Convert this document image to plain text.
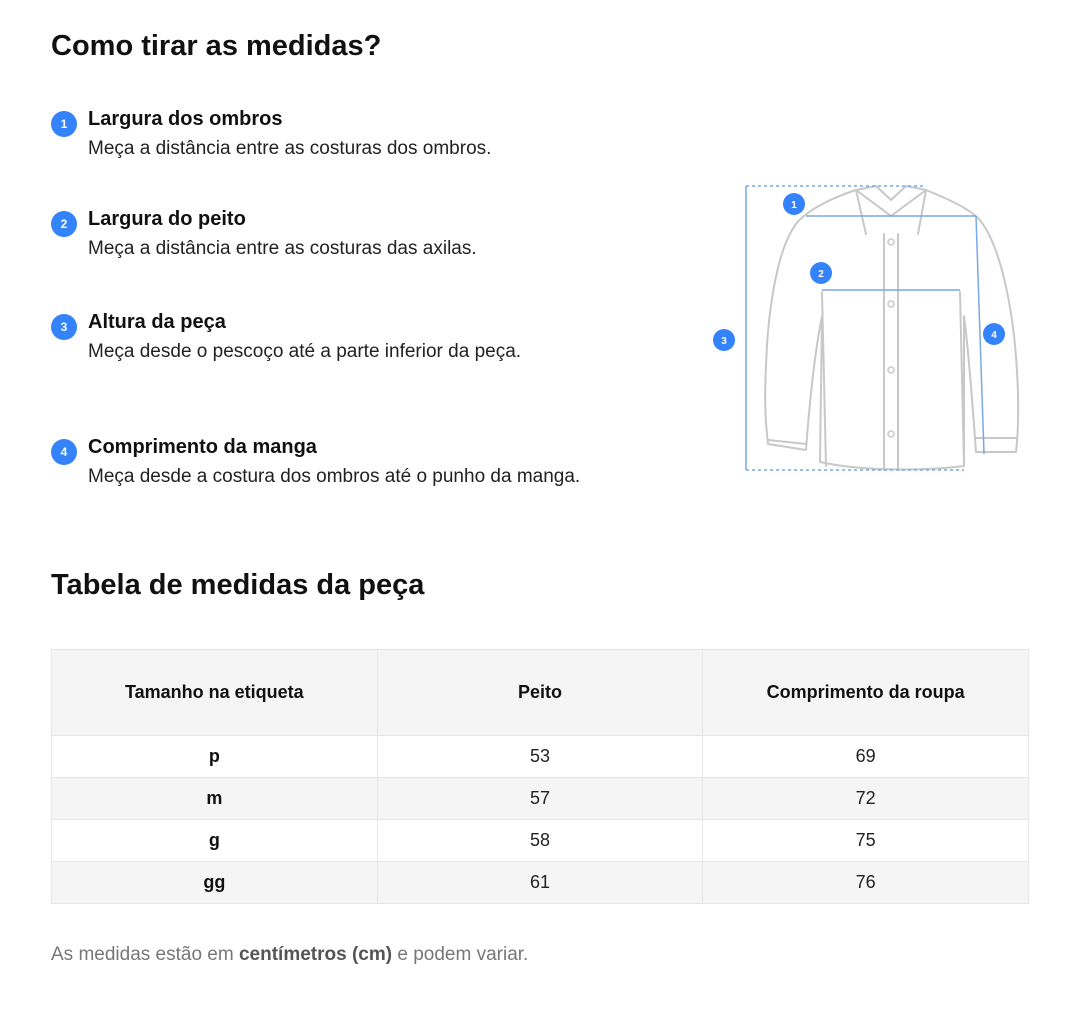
Como tirar as medidas?
1	Largura dos ombros
Meça a distância entre as costuras dos ombros.
2	Largura do peito
Meça a distância entre as costuras das axilas.
3	Altura da peça
Meça desde o pescoço até a parte inferior da peça.
4	Comprimento da manga
Meça desde a costura dos ombros até o punho da manga.
1
2
3
4
Tabela de medidas da peça
Tamanho na etiqueta	Peito	Comprimento da roupa
p	53	69
m	57	72
g	58	75
gg	61	76

As medidas estão em centímetros (cm) e podem variar.
